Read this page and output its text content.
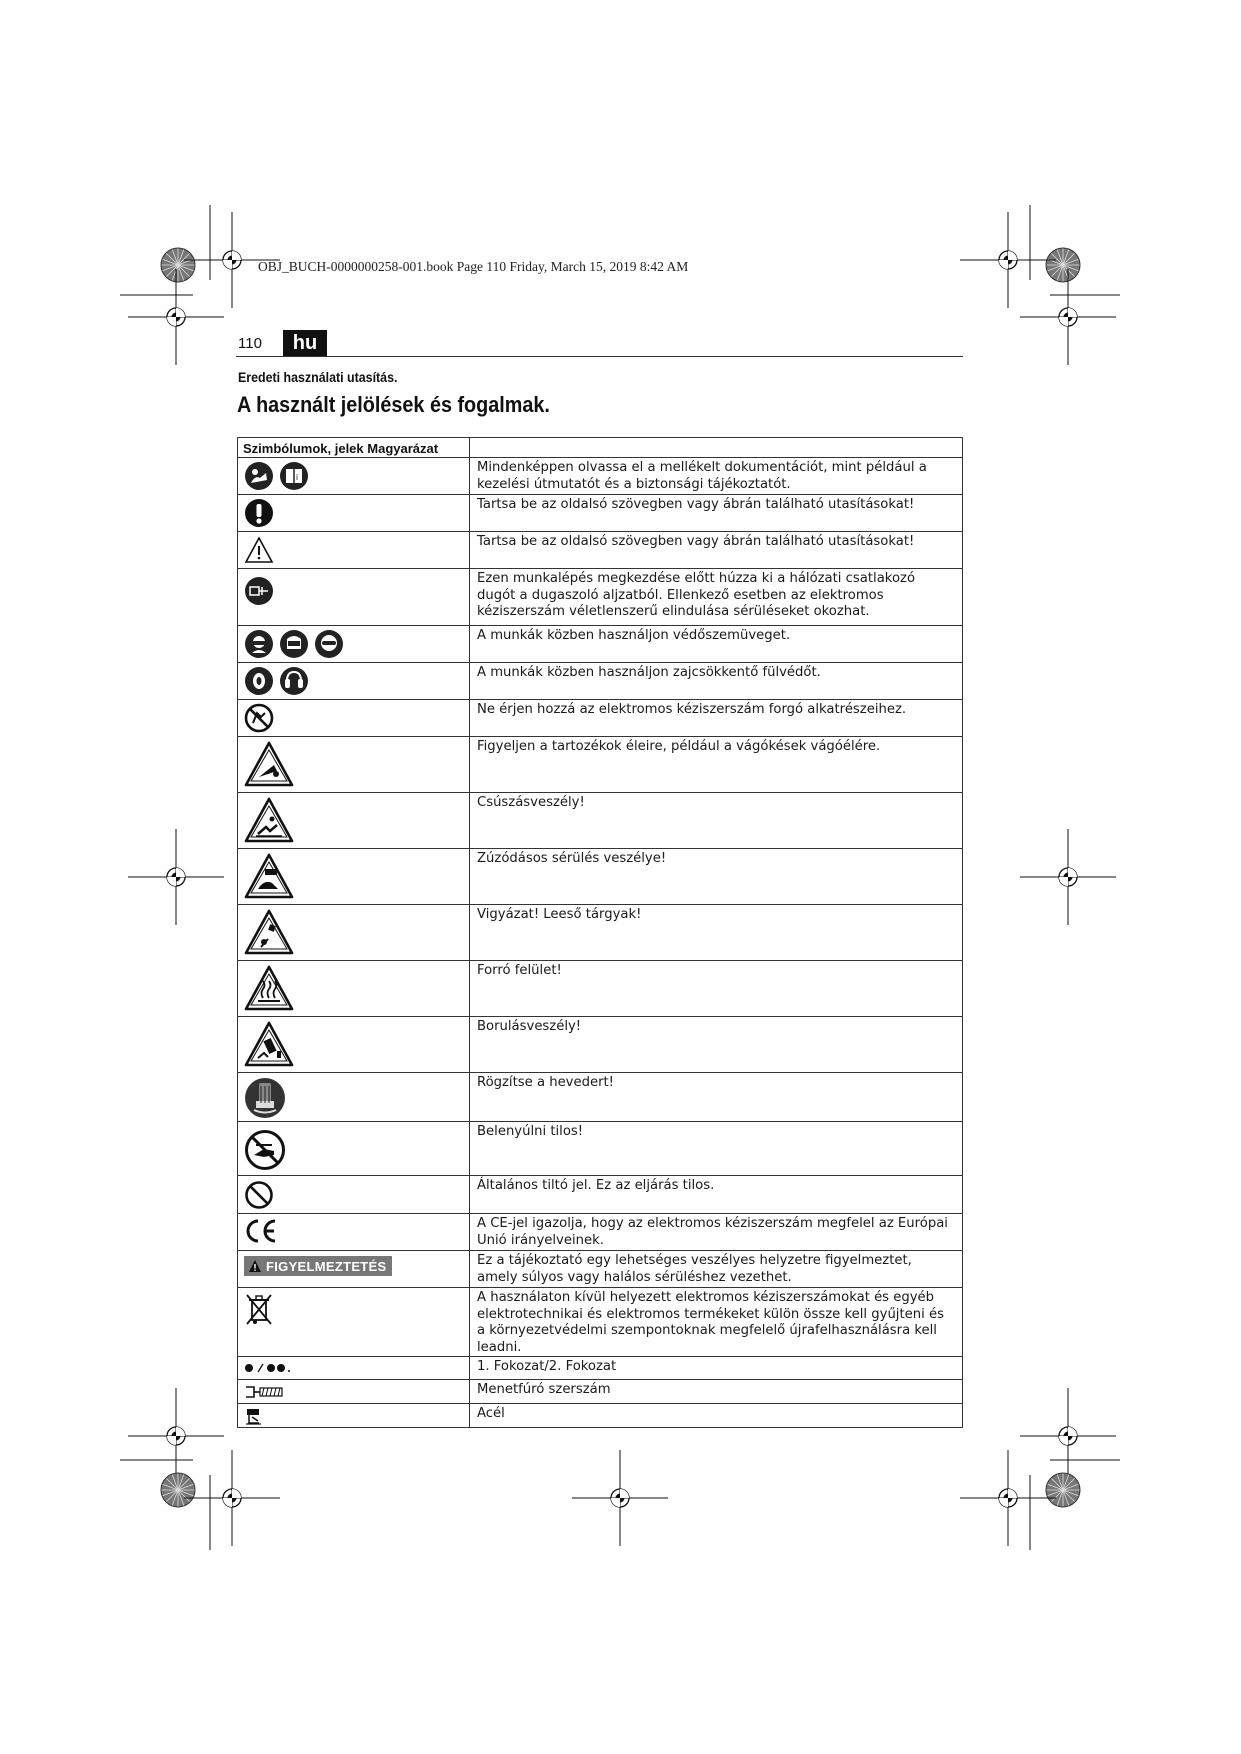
OBJ_BUCH-0000000258-001.book Page 110 Friday, March 15, 2019 8:42 AM
110	hu
Eredeti használati utasítás.
A használt jelölések és fogalmak.
Szimbólumok, jelek Magyarázat	

i	Mindenképpen olvassa el a mellékelt dokumentációt, mint például a kezelési útmutatót és a biztonsági tájékoztatót.

	Tartsa be az oldalsó szövegben vagy ábrán található utasításokat!

	Tartsa be az oldalsó szövegben vagy ábrán található utasításokat!

	Ezen munkalépés megkezdése előtt húzza ki a hálózati csatlakozó dugót a dugaszoló aljzatból. Ellenkező esetben az elektromos kéziszerszám véletlenszerű elindulása sérüléseket okozhat.

	A munkák közben használjon védőszemüveget.

	A munkák közben használjon zajcsökkentő fülvédőt.

	Ne érjen hozzá az elektromos kéziszerszám forgó alkatrészeihez.

	Figyeljen a tartozékok éleire, például a vágókések vágóélére.

	Csúszásveszély!

	Zúzódásos sérülés veszélye!

	Vigyázat! Leeső tárgyak!

	Forró felület!

	Borulásveszély!

	Rögzítse a hevedert!

	Belenyúlni tilos!

	Általános tiltó jel. Ez az eljárás tilos.

	A CE-jel igazolja, hogy az elektromos kéziszerszám megfelel az Európai Unió irányelveinek.

FIGYELMEZTETÉS	Ez a tájékoztató egy lehetséges veszélyes helyzetre figyelmeztet, amely súlyos vagy halálos sérüléshez vezethet.

	A használaton kívül helyezett elektromos kéziszerszámokat és egyéb elektrotechnikai és elektromos termékeket külön össze kell gyűjteni és a környezetvédelmi szempontoknak megfelelő újrafelhasználásra kell leadni.

	1. Fokozat/2. Fokozat

	Menetfúró szerszám

	Acél
